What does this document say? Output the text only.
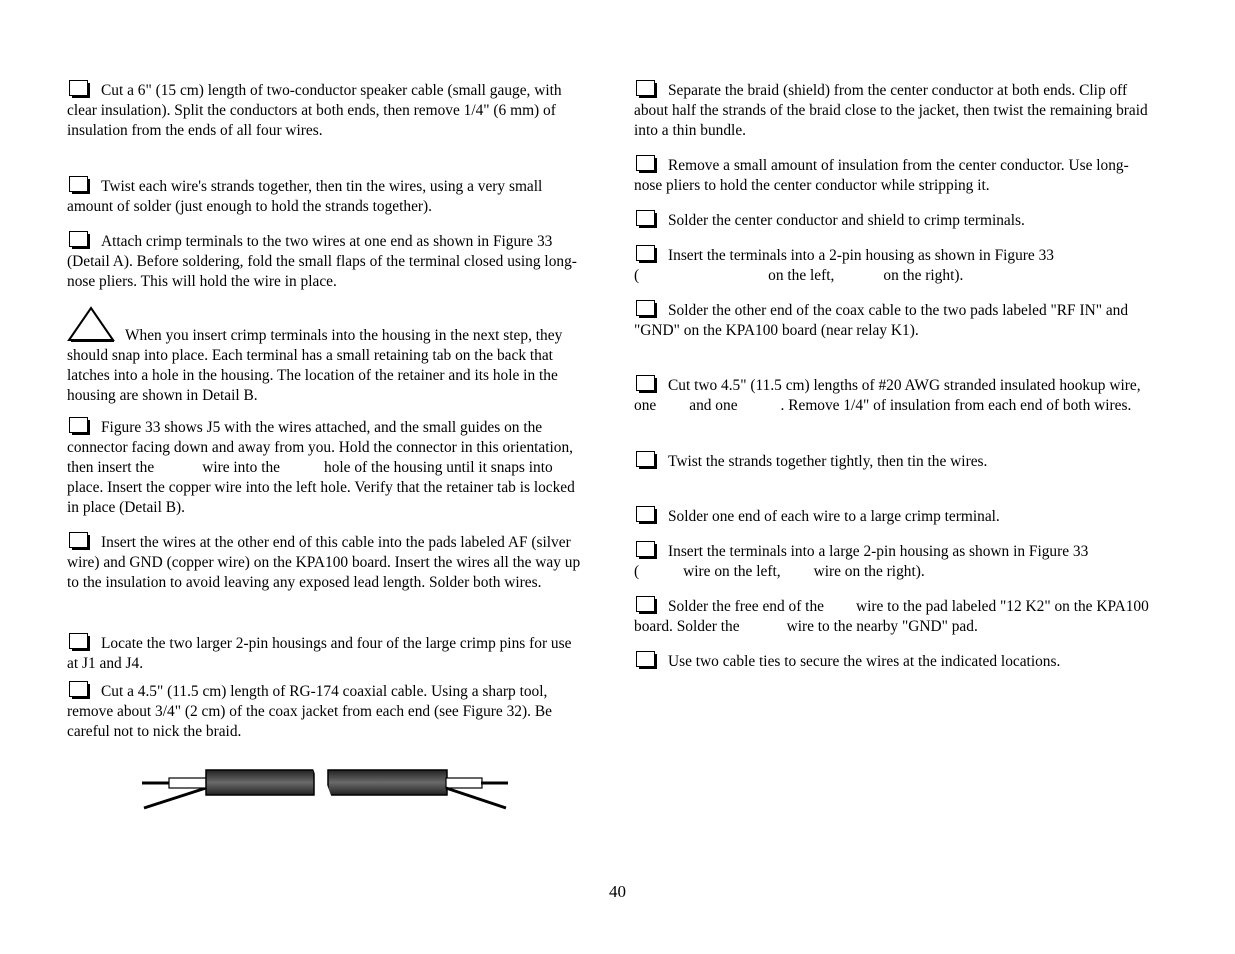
Cut a 6" (15 cm) length of two-conductor speaker cable (small gauge, with clear insulation). Split the conductors at both ends, then remove 1/4" (6 mm) of insulation from the ends of all four wires.

Twist each wire's strands together, then tin the wires, using a very small amount of solder (just enough to hold the strands together).

Attach crimp terminals to the two wires at one end as shown in Figure 33 (Detail A). Before soldering, fold the small flaps of the terminal closed using long-nose pliers. This will hold the wire in place.

When you insert crimp terminals into the housing in the next step, they should snap into place. Each terminal has a small retaining tab on the back that latches into a hole in the housing. The location of the retainer and its hole in the housing are shown in Detail B.

Figure 33 shows J5 with the wires attached, and the small guides on the connector facing down and away from you. Hold the connector in this orientation, then insert the	wire into the	hole of the housing until it snaps into place. Insert the copper wire into the left hole. Verify that the retainer tab is locked in place (Detail B).

Insert the wires at the other end of this cable into the pads labeled AF (silver wire) and GND (copper wire) on the KPA100 board. Insert the wires all the way up to the insulation to avoid leaving any exposed lead length. Solder both wires.

Locate the two larger 2-pin housings and four of the large crimp pins for use at J1 and J4.

Cut a 4.5" (11.5 cm) length of RG-174 coaxial cable. Using a sharp tool, remove about 3/4" (2 cm) of the coax jacket from each end (see Figure 32). Be careful not to nick the braid.

Separate the braid (shield) from the center conductor at both ends. Clip off about half the strands of the braid close to the jacket, then twist the remaining braid into a thin bundle.

Remove a small amount of insulation from the center conductor. Use long-nose pliers to hold the center conductor while stripping it.

Solder the center conductor and shield to crimp terminals.

Insert the terminals into a 2-pin housing as shown in Figure 33
(	on the left,	on the right).

Solder the other end of the coax cable to the two pads labeled "RF IN" and "GND" on the KPA100 board (near relay K1).

Cut two 4.5" (11.5 cm) lengths of #20 AWG stranded insulated hookup wire, one and one	. Remove 1/4" of insulation from each end of both wires.

Twist the strands together tightly, then tin the wires.

Solder one end of each wire to a large crimp terminal.

Insert the terminals into a large 2-pin housing as shown in Figure 33
(	wire on the left, wire on the right).

Solder the free end of the wire to the pad labeled "12 K2" on the KPA100 board. Solder the	wire to the nearby "GND" pad.

Use two cable ties to secure the wires at the indicated locations.

40
